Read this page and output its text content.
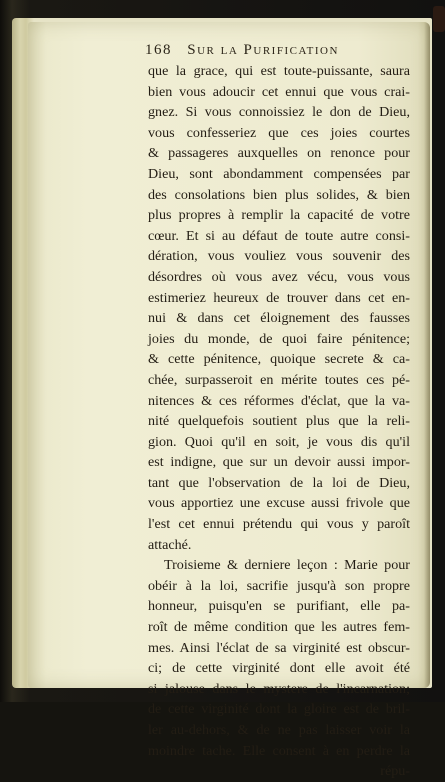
168 Sur la Purification
que la grace, qui est toute-puissante, saura
bien vous adoucir cet ennui que vous crai-
gnez. Si vous connoissiez le don de Dieu,
vous confesseriez que ces joies courtes
& passageres auxquelles on renonce pour
Dieu, sont abondamment compensées par
des consolations bien plus solides, & bien
plus propres à remplir la capacité de votre
cœur. Et si au défaut de toute autre consi-
dération, vous vouliez vous souvenir des
désordres où vous avez vécu, vous vous
estimeriez heureux de trouver dans cet en-
nui & dans cet éloignement des fausses
joies du monde, de quoi faire pénitence;
& cette pénitence, quoique secrete & ca-
chée, surpasseroit en mérite toutes ces pé-
nitences & ces réformes d'éclat, que la va-
nité quelquefois soutient plus que la reli-
gion. Quoi qu'il en soit, je vous dis qu'il
est indigne, que sur un devoir aussi impor-
tant que l'observation de la loi de Dieu,
vous apportiez une excuse aussi frivole que
l'est cet ennui prétendu qui vous y paroît
attaché.
Troisieme & derniere leçon : Marie pour
obéir à la loi, sacrifie jusqu'à son propre
honneur, puisqu'en se purifiant, elle pa-
roît de même condition que les autres fem-
mes. Ainsi l'éclat de sa virginité est obscur-
ci; de cette virginité dont elle avoit été
si jalouse dans le mystere de l'incarnation;
de cette virginité dont la gloire est de bril-
ler au-dehors, & de ne pas laisser voir la
moindre tache. Elle consent à en perdre la
répu-
